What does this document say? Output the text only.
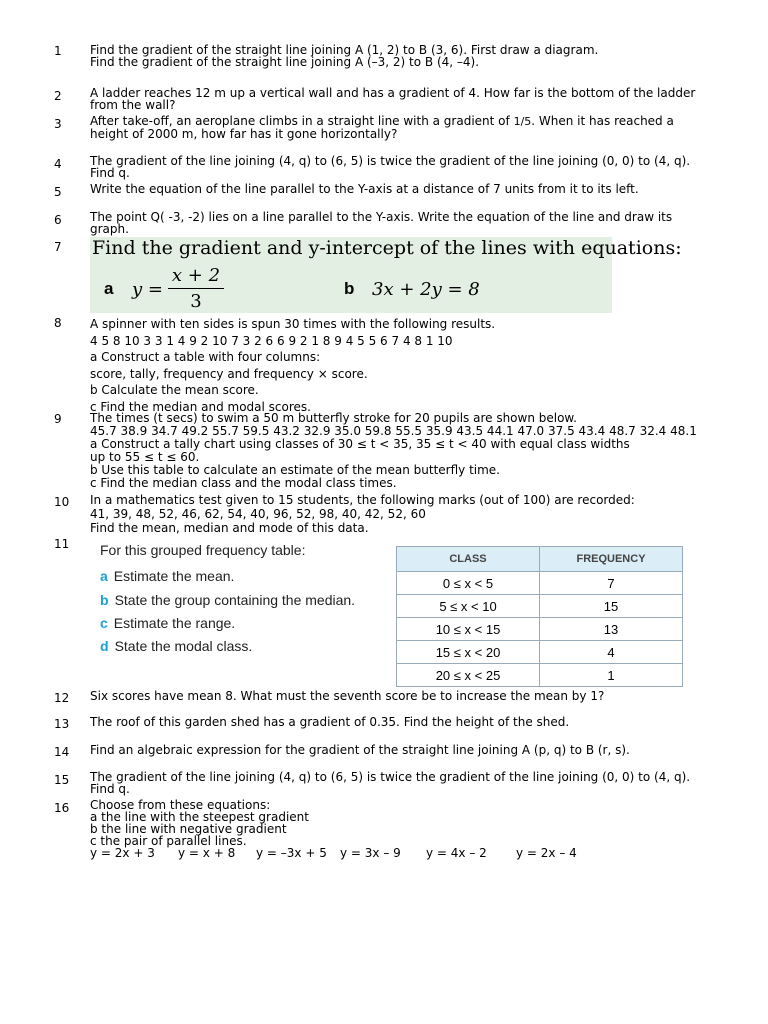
1 Find the gradient of the straight line joining A (1, 2) to B (3, 6). First draw a diagram.
Find the gradient of the straight line joining A (–3, 2) to B (4, –4).
2 A ladder reaches 12 m up a vertical wall and has a gradient of 4. How far is the bottom of the ladder from the wall?
3 After take-off, an aeroplane climbs in a straight line with a gradient of 1/5. When it has reached a
height of 2000 m, how far has it gone horizontally?
4 The gradient of the line joining (4, q) to (6, 5) is twice the gradient of the line joining (0, 0) to (4, q).
Find q.
5 Write the equation of the line parallel to the Y-axis at a distance of 7 units from it to its left.
6 The point Q( -3, -2) lies on a line parallel to the Y-axis. Write the equation of the line and draw its
graph.
7 Find the gradient and y-intercept of the lines with equations:
a y =
x + 2
3
b 3x + 2y = 8
8 A spinner with ten sides is spun 30 times with the following results.
4 5 8 10 3 3 1 4 9 2 10 7 3 2 6 6 9 2 1 8 9 4 5 5 6 7 4 8 1 10
a Construct a table with four columns:
score, tally, frequency and frequency × score.
b Calculate the mean score.
c Find the median and modal scores.
9 The times (t secs) to swim a 50 m butterfly stroke for 20 pupils are shown below.
45.7 38.9 34.7 49.2 55.7 59.5 43.2 32.9 35.0 59.8 55.5 35.9 43.5 44.1 47.0 37.5 43.4 48.7 32.4 48.1
a Construct a tally chart using classes of 30 ≤ t < 35, 35 ≤ t < 40 with equal class widths
up to 55 ≤ t ≤ 60.
b Use this table to calculate an estimate of the mean butterfly time.
c Find the median class and the modal class times.
10 In a mathematics test given to 15 students, the following marks (out of 100) are recorded:
41, 39, 48, 52, 46, 62, 54, 40, 96, 52, 98, 40, 42, 52, 60
Find the mean, median and mode of this data.
11 For this grouped frequency table:
a Estimate the mean.
b State the group containing the median.
c Estimate the range.
d State the modal class.
CLASS	FREQUENCY
0 ≤ x < 5	7
5 ≤ x < 10	15
10 ≤ x < 15	13
15 ≤ x < 20	4
20 ≤ x < 25	1
12 Six scores have mean 8. What must the seventh score be to increase the mean by 1?
13 The roof of this garden shed has a gradient of 0.35. Find the height of the shed.
14 Find an algebraic expression for the gradient of the straight line joining A (p, q) to B (r, s).
15 The gradient of the line joining (4, q) to (6, 5) is twice the gradient of the line joining (0, 0) to (4, q).
Find q.
16 Choose from these equations:
a the line with the steepest gradient
b the line with negative gradient
c the pair of parallel lines.
y = 2x + 3 y = x + 8 y = –3x + 5 y = 3x – 9 y = 4x – 2 y = 2x – 4
